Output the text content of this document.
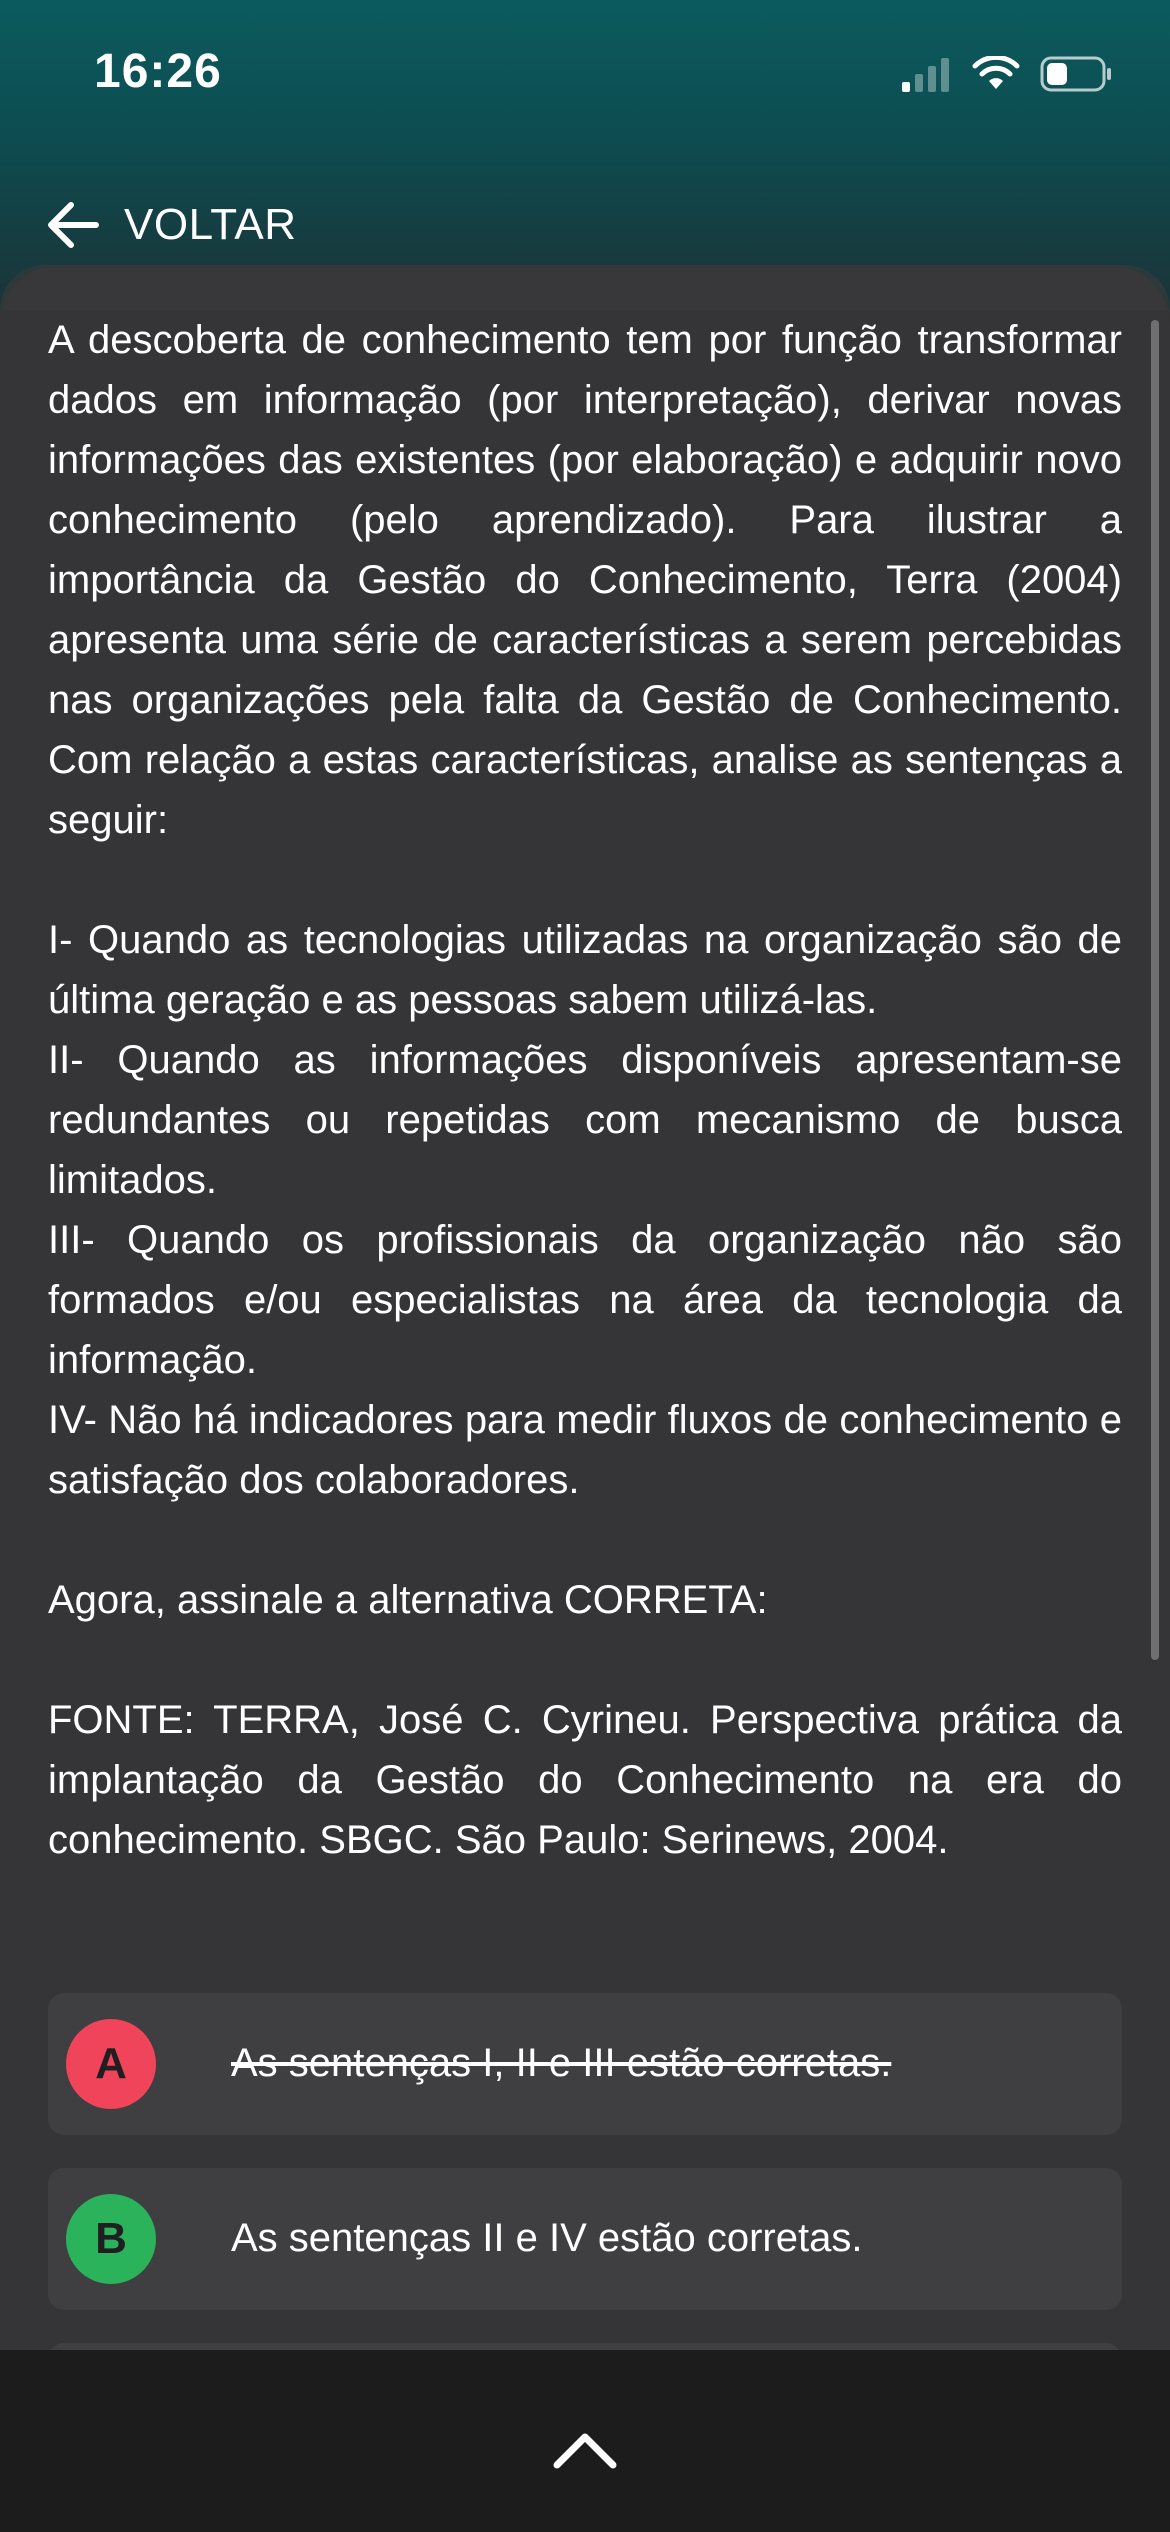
16:26
VOLTAR

A descoberta de conhecimento tem por função transformar dados em informação (por interpretação), derivar novas informações das existentes (por elaboração) e adquirir novo conhecimento (pelo aprendizado). Para ilustrar a importância da Gestão do Conhecimento, Terra (2004) apresenta uma série de características a serem percebidas nas organizações pela falta da Gestão de Conhecimento. Com relação a estas características, analise as sentenças a seguir:

I- Quando as tecnologias utilizadas na organização são de última geração e as pessoas sabem utilizá-las.

II- Quando as informações disponíveis apresentam-se redundantes ou repetidas com mecanismo de busca limitados.

III- Quando os profissionais da organização não são formados e/ou especialistas na área da tecnologia da informação.

IV- Não há indicadores para medir fluxos de conhecimento e satisfação dos colaboradores.

Agora, assinale a alternativa CORRETA:

FONTE: TERRA, José C. Cyrineu. Perspectiva prática da implantação da Gestão do Conhecimento na era do conhecimento. SBGC. São Paulo: Serinews, 2004.

A	As sentenças I, II e III estão corretas.
B	As sentenças II e IV estão corretas.
